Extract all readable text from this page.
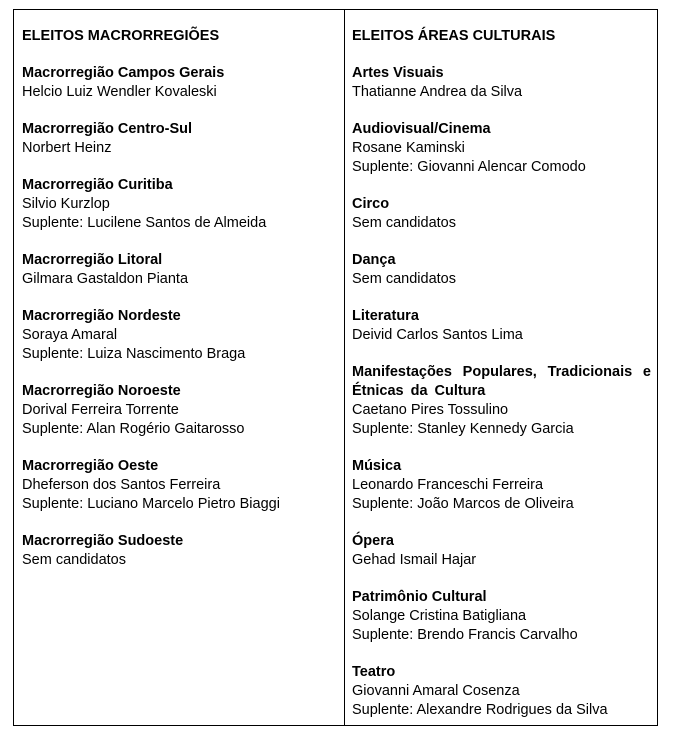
ELEITOS MACRORREGIÕES
Macrorregião Campos Gerais
Helcio Luiz Wendler Kovaleski
Macrorregião Centro-Sul
Norbert Heinz
Macrorregião Curitiba
Silvio Kurzlop
Suplente: Lucilene Santos de Almeida
Macrorregião Litoral
Gilmara Gastaldon Pianta
Macrorregião Nordeste
Soraya Amaral
Suplente: Luiza Nascimento Braga
Macrorregião Noroeste
Dorival Ferreira Torrente
Suplente: Alan Rogério Gaitarosso
Macrorregião Oeste
Dheferson dos Santos Ferreira
Suplente: Luciano Marcelo Pietro Biaggi
Macrorregião Sudoeste
Sem candidatos
ELEITOS ÁREAS CULTURAIS
Artes Visuais
Thatianne Andrea da Silva
Audiovisual/Cinema
Rosane Kaminski
Suplente: Giovanni Alencar Comodo
Circo
Sem candidatos
Dança
Sem candidatos
Literatura
Deivid Carlos Santos Lima
Manifestações Populares, Tradicionais e Étnicas da Cultura
Caetano Pires Tossulino
Suplente: Stanley Kennedy Garcia
Música
Leonardo Franceschi Ferreira
Suplente: João Marcos de Oliveira
Ópera
Gehad Ismail Hajar
Patrimônio Cultural
Solange Cristina Batigliana
Suplente: Brendo Francis Carvalho
Teatro
Giovanni Amaral Cosenza
Suplente: Alexandre Rodrigues da Silva
